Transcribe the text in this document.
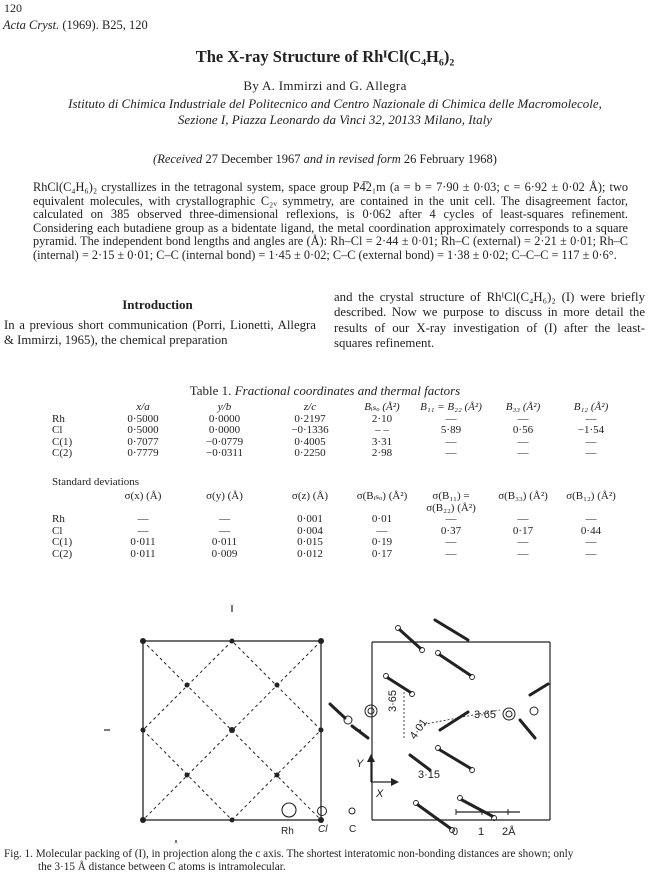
120
Acta Cryst. (1969). B25, 120
The X-ray Structure of RhᴵCl(C₄H₆)₂
By A. Immirzi and G. Allegra
Istituto di Chimica Industriale del Politecnico and Centro Nazionale di Chimica delle Macromolecole,
Sezione I, Piazza Leonardo da Vinci 32, 20133 Milano, Italy
(Received 27 December 1967 and in revised form 26 February 1968)

RhCl(C₄H₆)₂ crystallizes in the tetragonal system, space group P4̅2₁m (a = b = 7·90 ± 0·03; c = 6·92 ± 0·02 Å); two equivalent molecules, with crystallographic C₂ᵥ symmetry, are contained in the unit cell. The disagreement factor, calculated on 385 observed three-dimensional reflexions, is 0·062 after 4 cycles of least-squares refinement. Considering each butadiene group as a bidentate ligand, the metal coordination approximately corresponds to a square pyramid. The independent bond lengths and angles are (Å): Rh–Cl = 2·44 ± 0·01; Rh–C (external) = 2·21 ± 0·01; Rh–C (internal) = 2·15 ± 0·01; C–C (internal bond) = 1·45 ± 0·02; C–C (external bond) = 1·38 ± 0·02; C–C–C = 117 ± 0·6°.

Introduction

In a previous short communication (Porri, Lionetti, Allegra & Immirzi, 1965), the chemical preparation

and the crystal structure of RhᴵCl(C₄H₆)₂ (I) were briefly described. Now we purpose to discuss in more detail the results of our X-ray investigation of (I) after the least-squares refinement.

Table 1. Fractional coordinates and thermal factors
	x/a	y/b	z/c	Bᵢₛₒ (Å²)	B₁₁ = B₂₂ (Å²)	B₃₃ (Å²)	B₁₂ (Å²)
Rh	0·5000	0·0000	0·2197	2·10	—	—	—
Cl	0·5000	0·0000	−0·1336	– –	5·89	0·56	−1·54
C(1)	0·7077	−0·0779	0·4005	3·31	—	—	—
C(2)	0·7779	−0·0311	0·2250	2·98	—	—	—
Standard deviations
	σ(x) (Å)	σ(y) (Å)	σ(z) (Å)	σ(Bᵢₛₒ) (Å²)	σ(B₁₁) =	σ(B₃₃) (Å²)	σ(B₁₂) (Å²)
					σ(B₂₂) (Å²)		
Rh	—	—	0·001	0·01	—	—	—
Cl	—	—	0·004	—	0·37	0·17	0·44
C(1)	0·011	0·011	0·015	0·19	—	—	—
C(2)	0·011	0·009	0·012	0·17	—	—	—
3·65
4·01
3·65
3·15
Y
X
Rh Cl C	0 1 2Å
Fig. 1. Molecular packing of (I), in projection along the c axis. The shortest interatomic non-bonding distances are shown; only
the 3·15 Å distance between C atoms is intramolecular.
